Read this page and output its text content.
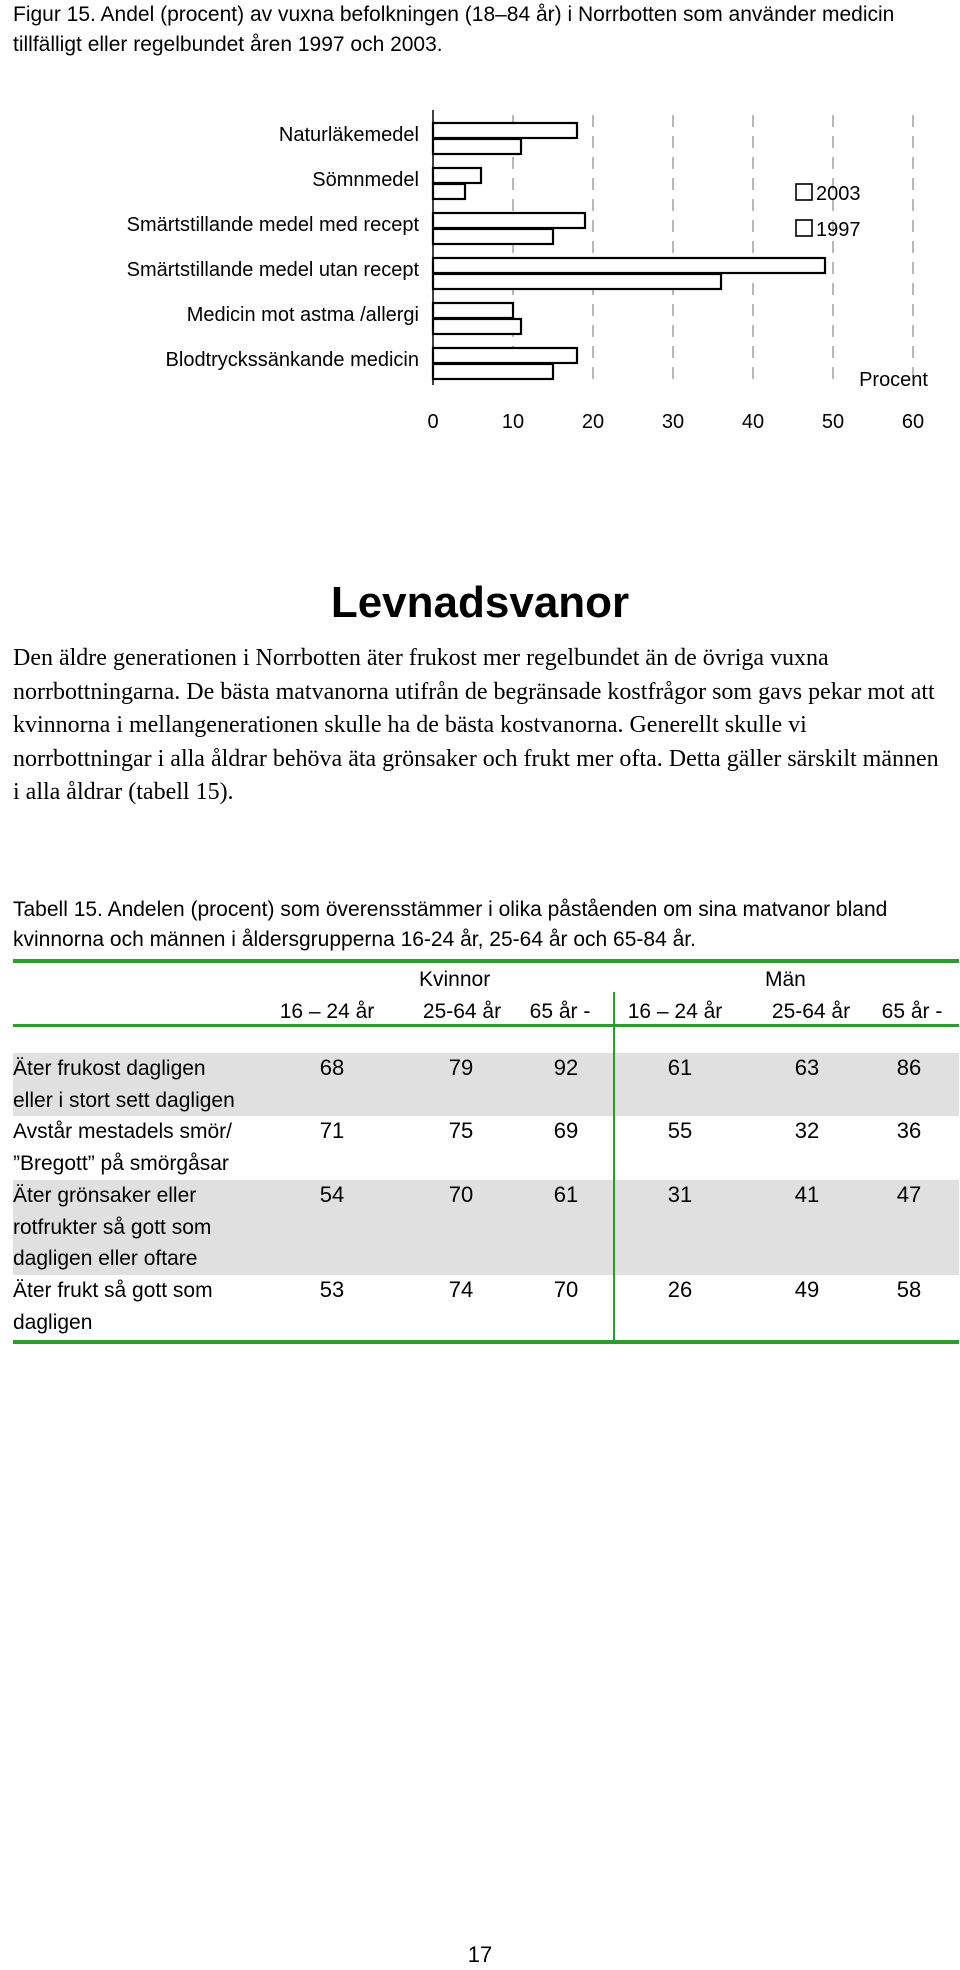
Figur 15. Andel (procent) av vuxna befolkningen (18–84 år) i Norrbotten som använder medicin tillfälligt eller regelbundet åren 1997 och 2003.
Naturläkemedel
Sömnmedel
Smärtstillande medel med recept
Smärtstillande medel utan recept
Medicin mot astma /allergi
Blodtryckssänkande medicin
0	10	20	30	40	50	60
Procent
2003
1997
Levnadsvanor
Den äldre generationen i Norrbotten äter frukost mer regelbundet än de övriga vuxna norrbottningarna. De bästa matvanorna utifrån de begränsade kostfrågor som gavs pekar mot att kvinnorna i mellangenerationen skulle ha de bästa kostvanorna. Generellt skulle vi norrbottningar i alla åldrar behöva äta grönsaker och frukt mer ofta. Detta gäller särskilt männen i alla åldrar (tabell 15).
Tabell 15. Andelen (procent) som överensstämmer i olika påståenden om sina matvanor bland kvinnorna och männen i åldersgrupperna 16-24 år, 25-64 år och 65-84 år.
Kvinnor	Män
16 – 24 år	25-64 år	65 år -	16 – 24 år	25-64 år	65 år -
Äter frukost dagligen
eller i stort sett dagligen
68	79	92	61	63	86
Avstår mestadels smör/
”Bregott” på smörgåsar
71	75	69	55	32	36
Äter grönsaker eller
rotfrukter så gott som
dagligen eller oftare
54	70	61	31	41	47
Äter frukt så gott som
dagligen
53	74	70	26	49	58
17
